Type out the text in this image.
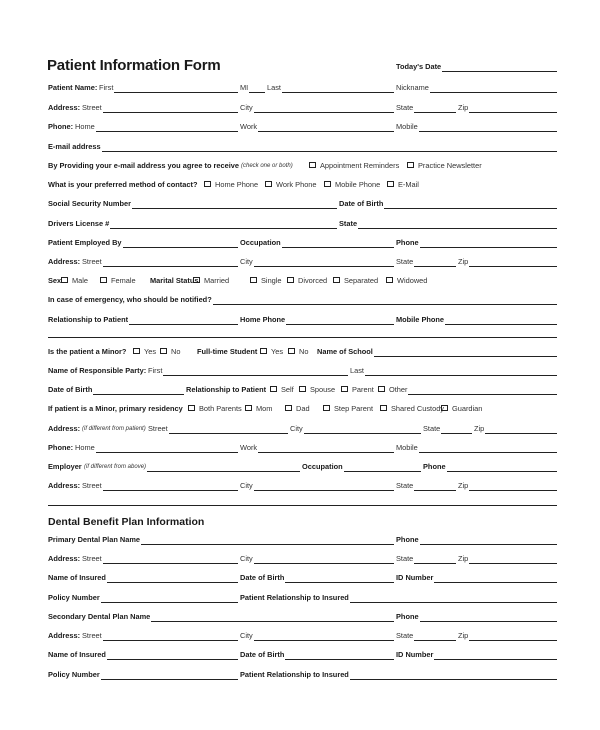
Patient Information Form	Today's Date
Dental Benefit Plan Information
Patient Name: First	MI	Last	Nickname
Address: Street	City	State	Zip
Phone: Home	Work	Mobile
E-mail address
By Providing your e-mail address you agree to receive (check one or both)	Appointment Reminders	Practice Newsletter
What is your preferred method of contact?	Home Phone	Work Phone	Mobile Phone	E-Mail
Social Security Number	Date of Birth
Drivers License #	State
Patient Employed By	Occupation	Phone
Address: Street	City	State	Zip
Sex	Male	Female Marital Status Married	Single	Divorced	Separated	Widowed
In case of emergency, who should be notified?
Relationship to Patient	Home Phone	Mobile Phone
Is the patient a Minor?	Yes	No Full-time Student	Yes	No Name of School
Name of Responsible Party: First	Last
Date of Birth	Relationship to Patient	Self	Spouse	Parent	Other
If patient is a Minor, primary residency	Both Parents	Mom	Dad	Step Parent	Shared Custody	Guardian
Address: (if different from patient) Street	City	State	Zip
Phone: Home	Work	Mobile
Employer (if different from above)	Occupation	Phone
Address: Street	City	State	Zip
Primary Dental Plan Name	Phone
Address: Street	City	State	Zip
Name of Insured	Date of Birth	ID Number
Policy Number	Patient Relationship to Insured
Secondary Dental Plan Name	Phone
Address: Street	City	State	Zip
Name of Insured	Date of Birth	ID Number
Policy Number	Patient Relationship to Insured
